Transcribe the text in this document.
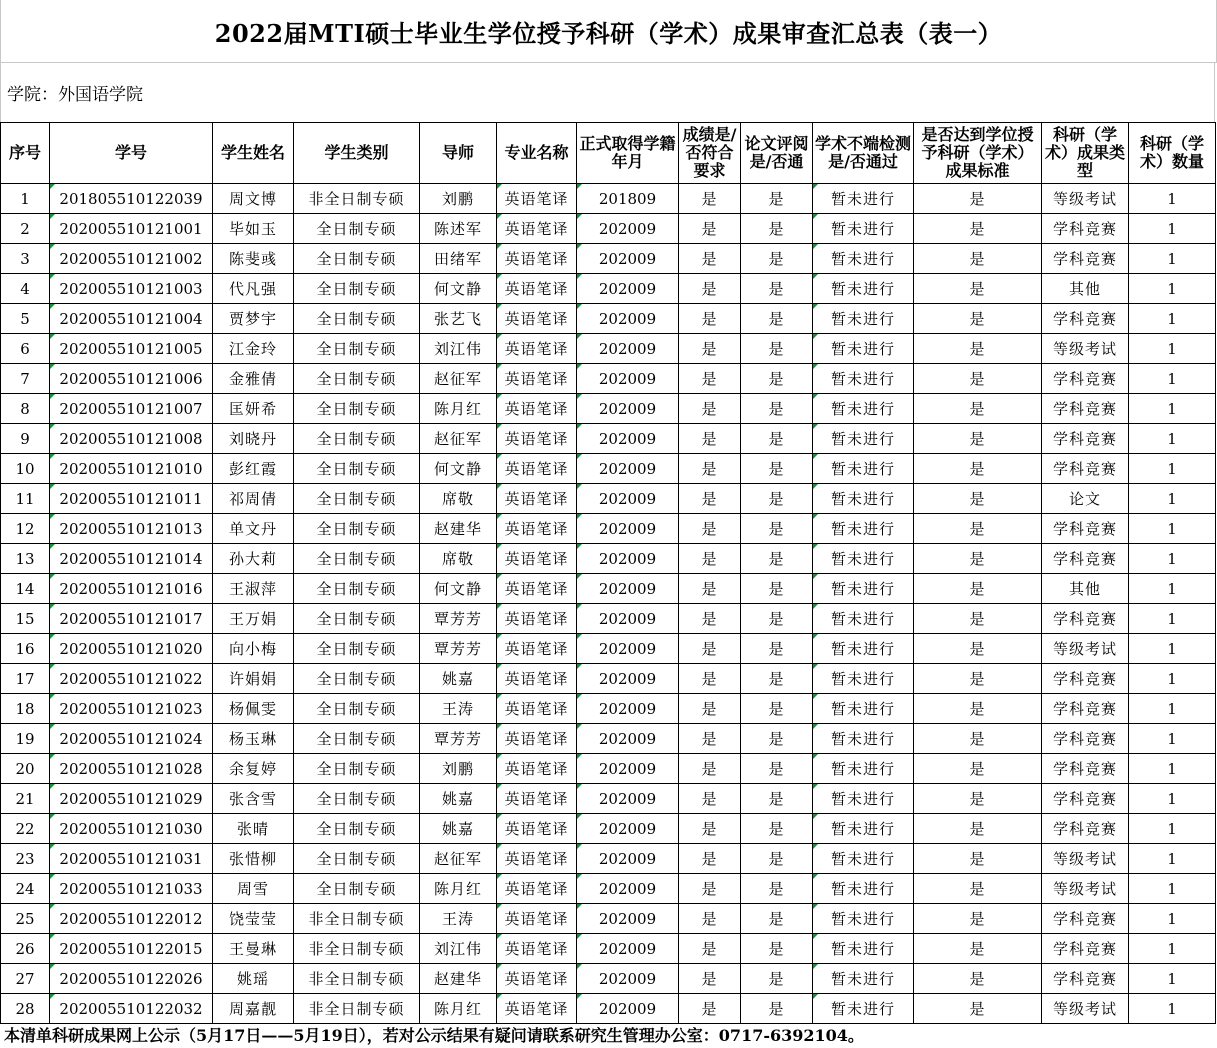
2022届MTI硕士毕业生学位授予科研（学术）成果审查汇总表（表一）
学院：外国语学院
序号	学号	学生姓名	学生类别	导师	专业名称	正式取得学籍年月	成绩是/否符合要求	论文评阅是/否通	学术不端检测是/否通过	是否达到学位授予科研（学术）成果标准	科研（学术）成果类型	科研（学术）数量
1	201805510122039	周文博	非全日制专硕	刘鹏	英语笔译	201809	是	是	暂未进行	是	等级考试	1
2	202005510121001	毕如玉	全日制专硕	陈述军	英语笔译	202009	是	是	暂未进行	是	学科竞赛	1
3	202005510121002	陈斐彧	全日制专硕	田绪军	英语笔译	202009	是	是	暂未进行	是	学科竞赛	1
4	202005510121003	代凡强	全日制专硕	何文静	英语笔译	202009	是	是	暂未进行	是	其他	1
5	202005510121004	贾梦宇	全日制专硕	张艺飞	英语笔译	202009	是	是	暂未进行	是	学科竞赛	1
6	202005510121005	江金玲	全日制专硕	刘江伟	英语笔译	202009	是	是	暂未进行	是	等级考试	1
7	202005510121006	金雅倩	全日制专硕	赵征军	英语笔译	202009	是	是	暂未进行	是	学科竞赛	1
8	202005510121007	匡妍希	全日制专硕	陈月红	英语笔译	202009	是	是	暂未进行	是	学科竞赛	1
9	202005510121008	刘晓丹	全日制专硕	赵征军	英语笔译	202009	是	是	暂未进行	是	学科竞赛	1
10	202005510121010	彭红霞	全日制专硕	何文静	英语笔译	202009	是	是	暂未进行	是	学科竞赛	1
11	202005510121011	祁周倩	全日制专硕	席敬	英语笔译	202009	是	是	暂未进行	是	论文	1
12	202005510121013	单文丹	全日制专硕	赵建华	英语笔译	202009	是	是	暂未进行	是	学科竞赛	1
13	202005510121014	孙大莉	全日制专硕	席敬	英语笔译	202009	是	是	暂未进行	是	学科竞赛	1
14	202005510121016	王淑萍	全日制专硕	何文静	英语笔译	202009	是	是	暂未进行	是	其他	1
15	202005510121017	王万娟	全日制专硕	覃芳芳	英语笔译	202009	是	是	暂未进行	是	学科竞赛	1
16	202005510121020	向小梅	全日制专硕	覃芳芳	英语笔译	202009	是	是	暂未进行	是	等级考试	1
17	202005510121022	许娟娟	全日制专硕	姚嘉	英语笔译	202009	是	是	暂未进行	是	学科竞赛	1
18	202005510121023	杨佩雯	全日制专硕	王涛	英语笔译	202009	是	是	暂未进行	是	学科竞赛	1
19	202005510121024	杨玉琳	全日制专硕	覃芳芳	英语笔译	202009	是	是	暂未进行	是	学科竞赛	1
20	202005510121028	余复婷	全日制专硕	刘鹏	英语笔译	202009	是	是	暂未进行	是	学科竞赛	1
21	202005510121029	张含雪	全日制专硕	姚嘉	英语笔译	202009	是	是	暂未进行	是	学科竞赛	1
22	202005510121030	张晴	全日制专硕	姚嘉	英语笔译	202009	是	是	暂未进行	是	学科竞赛	1
23	202005510121031	张惜柳	全日制专硕	赵征军	英语笔译	202009	是	是	暂未进行	是	等级考试	1
24	202005510121033	周雪	全日制专硕	陈月红	英语笔译	202009	是	是	暂未进行	是	等级考试	1
25	202005510122012	饶莹莹	非全日制专硕	王涛	英语笔译	202009	是	是	暂未进行	是	学科竞赛	1
26	202005510122015	王曼琳	非全日制专硕	刘江伟	英语笔译	202009	是	是	暂未进行	是	学科竞赛	1
27	202005510122026	姚瑶	非全日制专硕	赵建华	英语笔译	202009	是	是	暂未进行	是	学科竞赛	1
28	202005510122032	周嘉靓	非全日制专硕	陈月红	英语笔译	202009	是	是	暂未进行	是	等级考试	1
本清单科研成果网上公示（5月17日——5月19日），若对公示结果有疑问请联系研究生管理办公室：0717-6392104。
